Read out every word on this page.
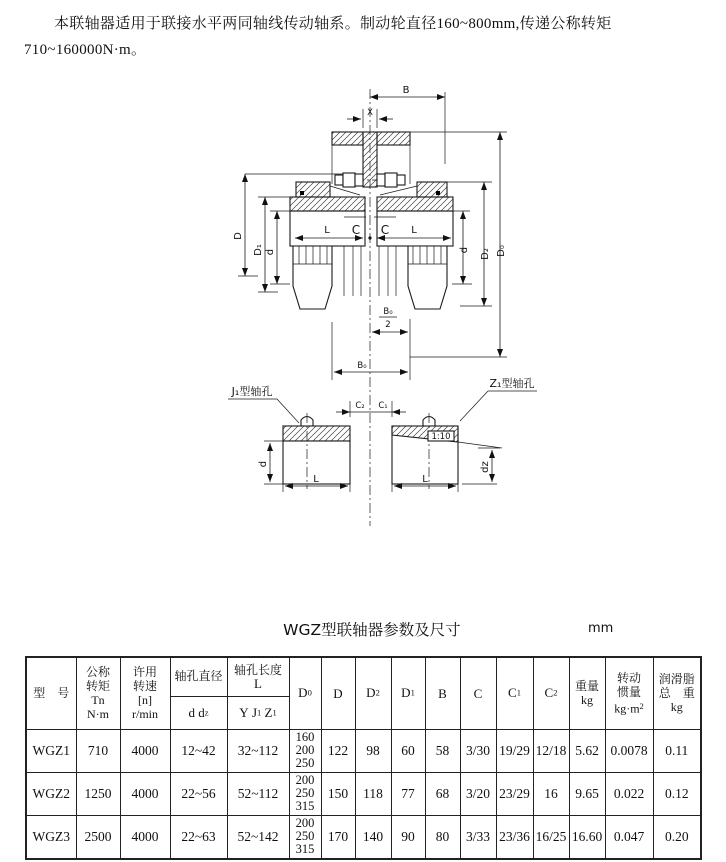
本联轴器适用于联接水平两同轴线传动轴系。制动轮直径160~800mm,传递公称转矩710~160000N·m。

B
X
L C C L
D
D₁ d	d D₂ D₀
B₀
2
B₀
J₁型轴孔
Z₁型轴孔
C₂ C₁
d
1:10
dz
L	L
WGZ型联轴器参数及尺寸	mm
型　号	公称
转矩
Tn
N·m	许用
转速
[n]
r/min	轴孔直径	轴孔长度
L	D0	D	D2	D1	B	C	C1	C2	重量
kg	转动
惯量
$kg\cdot m^2$	润滑脂
总　重
kg

			d dz	Y J1 Z1											
WGZ1	710	4000	12~42	32~112	160
200
250	122	98	60	58	3/30	19/29	12/18	5.62	0.0078	0.11
WGZ2	1250	4000	22~56	52~112	200
250
315	150	118	77	68	3/20	23/29	16	9.65	0.022	0.12
WGZ3	2500	4000	22~63	52~142	200
250
315	170	140	90	80	3/33	23/36	16/25	16.60	0.047	0.20
